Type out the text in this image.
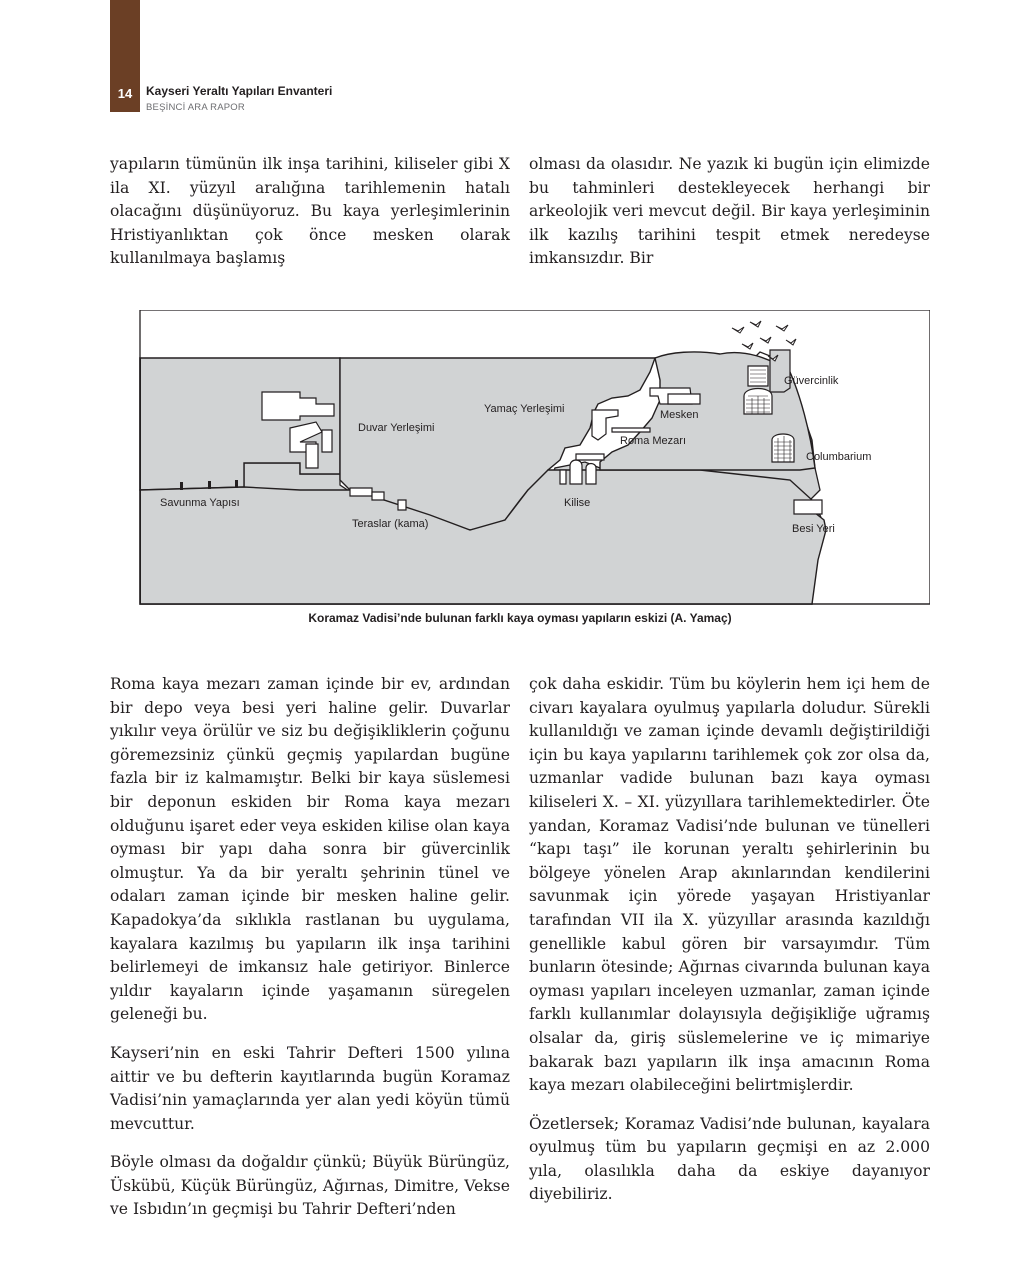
14	Kayseri Yeraltı Yapıları Envanteri
BEŞİNCİ ARA RAPOR

yapıların tümünün ilk inşa tarihini, kiliseler gibi X ila XI. yüzyıl aralığına tarihlemenin hatalı olacağını düşünüyoruz. Bu kaya yerleşimlerinin Hristiyanlıktan çok önce mesken olarak kullanılmaya başlamış

olması da olasıdır. Ne yazık ki bugün için elimizde bu tahminleri destekleyecek herhangi bir arkeolojik veri mevcut değil. Bir kaya yerleşiminin ilk kazılış tarihini tespit etmek neredeyse imkansızdır. Bir

Savunma Yapısı
Duvar Yerleşimi
Teraslar (kama)
Yamaç Yerleşimi
Kilise
Roma Mezarı
Mesken
Güvercinlik
Columbarium
Besi Yeri
Koramaz Vadisi’nde bulunan farklı kaya oyması yapıların eskizi (A. Yamaç)

Roma kaya mezarı zaman içinde bir ev, ardından bir depo veya besi yeri haline gelir. Duvarlar yıkılır veya örülür ve siz bu değişikliklerin çoğunu göremezsiniz çünkü geçmiş yapılardan bugüne fazla bir iz kalmamıştır. Belki bir kaya süslemesi bir deponun eskiden bir Roma kaya mezarı olduğunu işaret eder veya eskiden kilise olan kaya oyması bir yapı daha sonra bir güvercinlik olmuştur. Ya da bir yeraltı şehrinin tünel ve odaları zaman içinde bir mesken haline gelir. Kapadokya’da sıklıkla rastlanan bu uygulama, kayalara kazılmış bu yapıların ilk inşa tarihini belirlemeyi de imkansız hale getiriyor. Binlerce yıldır kayaların içinde yaşamanın süregelen geleneği bu.

Kayseri’nin en eski Tahrir Defteri 1500 yılına aittir ve bu defterin kayıtlarında bugün Koramaz Vadisi’nin yamaçlarında yer alan yedi köyün tümü mevcuttur.

Böyle olması da doğaldır çünkü; Büyük Bürüngüz, Üskübü, Küçük Bürüngüz, Ağırnas, Dimitre, Vekse ve Isbıdın’ın geçmişi bu Tahrir Defteri’nden

çok daha eskidir. Tüm bu köylerin hem içi hem de civarı kayalara oyulmuş yapılarla doludur. Sürekli kullanıldığı ve zaman içinde devamlı değiştirildiği için bu kaya yapılarını tarihlemek çok zor olsa da, uzmanlar vadide bulunan bazı kaya oyması kiliseleri X. – XI. yüzyıllara tarihlemektedirler. Öte yandan, Koramaz Vadisi’nde bulunan ve tünelleri “kapı taşı” ile korunan yeraltı şehirlerinin bu bölgeye yönelen Arap akınlarından kendilerini savunmak için yörede yaşayan Hristiyanlar tarafından VII ila X. yüzyıllar arasında kazıldığı genellikle kabul gören bir varsayımdır. Tüm bunların ötesinde; Ağırnas civarında bulunan kaya oyması yapıları inceleyen uzmanlar, zaman içinde farklı kullanımlar dolayısıyla değişikliğe uğramış olsalar da, giriş süslemelerine ve iç mimariye bakarak bazı yapıların ilk inşa amacının Roma kaya mezarı olabileceğini belirtmişlerdir.

Özetlersek; Koramaz Vadisi’nde bulunan, kayalara oyulmuş tüm bu yapıların geçmişi en az 2.000 yıla, olasılıkla daha da eskiye dayanıyor diyebiliriz.
